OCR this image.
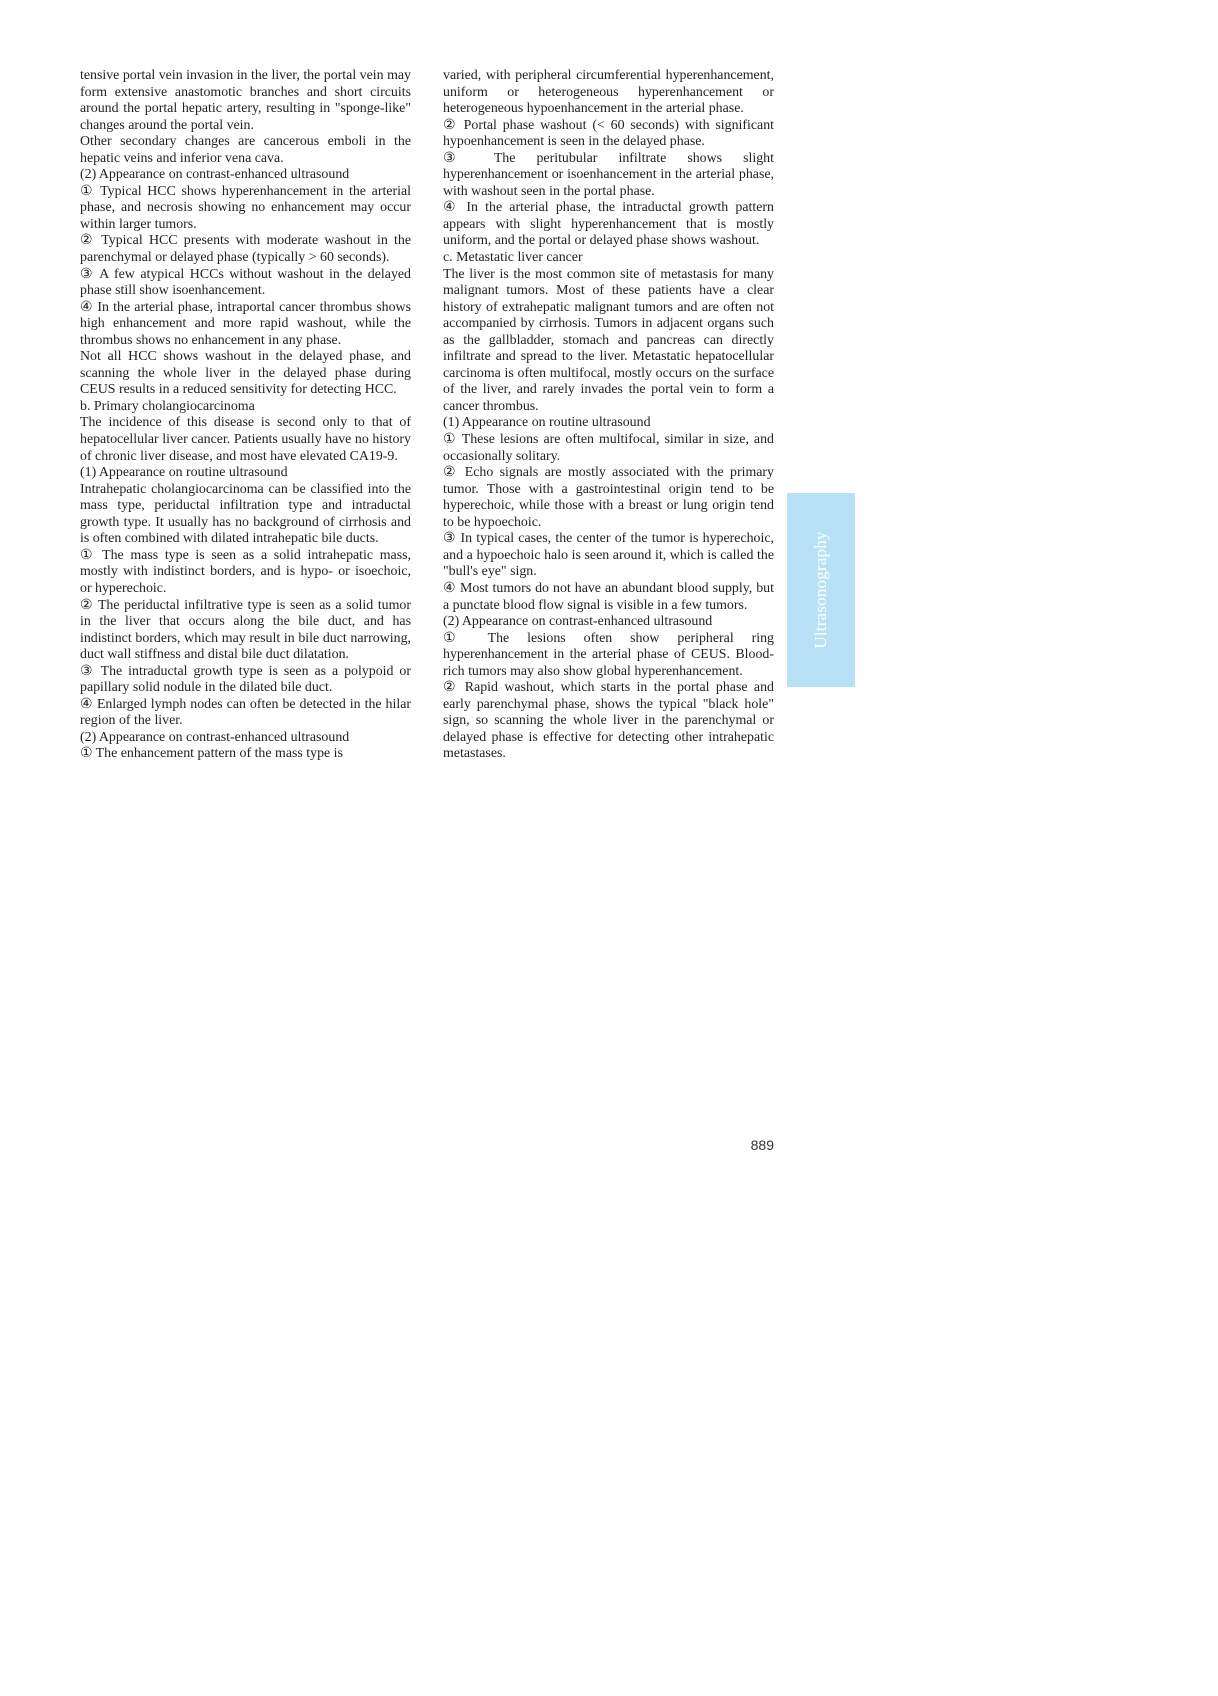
tensive portal vein invasion in the liver, the portal vein may form extensive anastomotic branches and short circuits around the portal hepatic artery, resulting in "sponge-like" changes around the portal vein.

Other secondary changes are cancerous emboli in the hepatic veins and inferior vena cava.

(2) Appearance on contrast-enhanced ultrasound

① Typical HCC shows hyperenhancement in the arterial phase, and necrosis showing no enhancement may occur within larger tumors.

② Typical HCC presents with moderate washout in the parenchymal or delayed phase (typically > 60 seconds).

③ A few atypical HCCs without washout in the delayed phase still show isoenhancement.

④ In the arterial phase, intraportal cancer thrombus shows high enhancement and more rapid washout, while the thrombus shows no enhancement in any phase.

Not all HCC shows washout in the delayed phase, and scanning the whole liver in the delayed phase during CEUS results in a reduced sensitivity for detecting HCC.

b. Primary cholangiocarcinoma

The incidence of this disease is second only to that of hepatocellular liver cancer. Patients usually have no history of chronic liver disease, and most have elevated CA19-9.

(1) Appearance on routine ultrasound

Intrahepatic cholangiocarcinoma can be classified into the mass type, periductal infiltration type and intraductal growth type. It usually has no background of cirrhosis and is often combined with dilated intrahepatic bile ducts.

① The mass type is seen as a solid intrahepatic mass, mostly with indistinct borders, and is hypo- or isoechoic, or hyperechoic.

② The periductal infiltrative type is seen as a solid tumor in the liver that occurs along the bile duct, and has indistinct borders, which may result in bile duct narrowing, duct wall stiffness and distal bile duct dilatation.

③ The intraductal growth type is seen as a polypoid or papillary solid nodule in the dilated bile duct.

④ Enlarged lymph nodes can often be detected in the hilar region of the liver.

(2) Appearance on contrast-enhanced ultrasound

① The enhancement pattern of the mass type is

varied, with peripheral circumferential hyperenhancement, uniform or heterogeneous hyperenhancement or heterogeneous hypoenhancement in the arterial phase.

② Portal phase washout (< 60 seconds) with significant hypoenhancement is seen in the delayed phase.

③ The peritubular infiltrate shows slight hyperenhancement or isoenhancement in the arterial phase, with washout seen in the portal phase.

④ In the arterial phase, the intraductal growth pattern appears with slight hyperenhancement that is mostly uniform, and the portal or delayed phase shows washout.

c. Metastatic liver cancer

The liver is the most common site of metastasis for many malignant tumors. Most of these patients have a clear history of extrahepatic malignant tumors and are often not accompanied by cirrhosis. Tumors in adjacent organs such as the gallbladder, stomach and pancreas can directly infiltrate and spread to the liver. Metastatic hepatocellular carcinoma is often multifocal, mostly occurs on the surface of the liver, and rarely invades the portal vein to form a cancer thrombus.

(1) Appearance on routine ultrasound

① These lesions are often multifocal, similar in size, and occasionally solitary.

② Echo signals are mostly associated with the primary tumor. Those with a gastrointestinal origin tend to be hyperechoic, while those with a breast or lung origin tend to be hypoechoic.

③ In typical cases, the center of the tumor is hyperechoic, and a hypoechoic halo is seen around it, which is called the "bull's eye" sign.

④ Most tumors do not have an abundant blood supply, but a punctate blood flow signal is visible in a few tumors.

(2) Appearance on contrast-enhanced ultrasound

① The lesions often show peripheral ring hyperenhancement in the arterial phase of CEUS. Blood-rich tumors may also show global hyperenhancement.

② Rapid washout, which starts in the portal phase and early parenchymal phase, shows the typical "black hole" sign, so scanning the whole liver in the parenchymal or delayed phase is effective for detecting other intrahepatic metastases.

Ultrasonography
889
